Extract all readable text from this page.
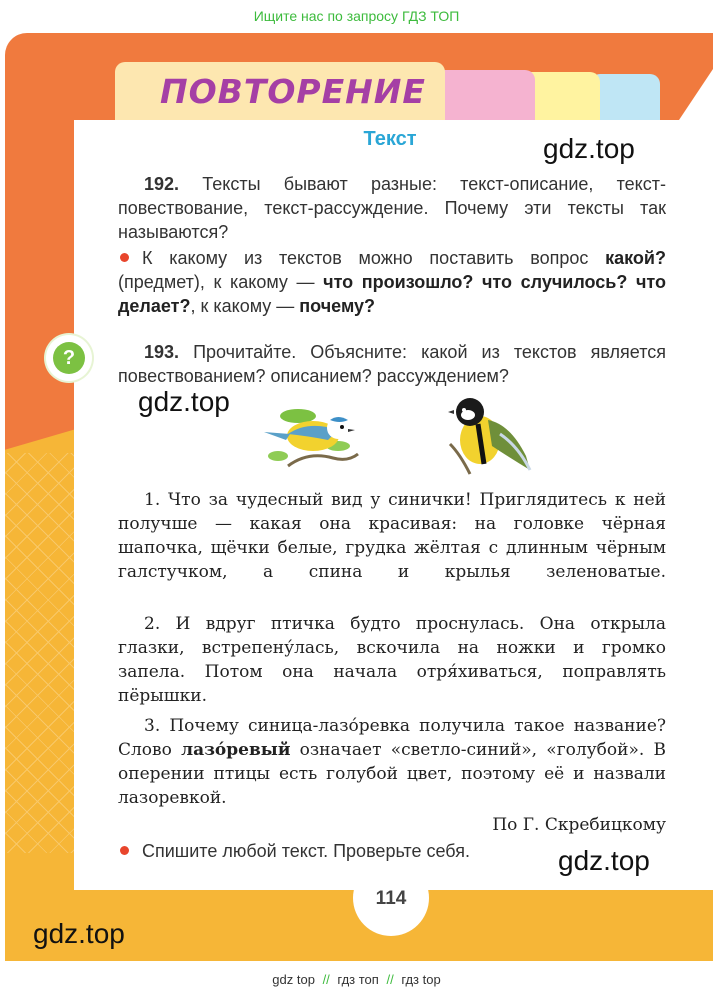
Ищите нас по запросу ГДЗ ТОП
ПОВТОРЕНИЕ
114
Текст	gdz.top
gdz.top
gdz.top
gdz.top
192. Тексты бывают разные: текст-описание, текст-повествование, текст-рассуждение. Почему эти тексты так называются?
К какому из текстов можно поставить вопрос какой? (предмет), к какому — что произошло? что случилось? что делает?, к какому — почему?
?	193. Прочитайте. Объясните: какой из текстов является повествованием? описанием? рассуждением?
1. Что за чудесный вид у синички! Приглядитесь к ней получше — какая она красивая: на головке чёрная шапочка, щёчки белые, грудка жёлтая с длинным чёрным галстучком, а спина и крылья зеленоватые.
2. И вдруг птичка будто проснулась. Она открыла глазки, встрепену́лась, вскочила на ножки и громко запела. Потом она начала отря́хиваться, поправлять пёрышки.
3. Почему синица-лазо́ревка получила такое название? Слово лазо́ревый означает «светло-синий», «голубой». В оперении птицы есть голубой цвет, поэтому её и назвали лазоревкой.
По Г. Скребицкому
Спишите любой текст. Проверьте себя.
gdz top // гдз топ // гдз top
